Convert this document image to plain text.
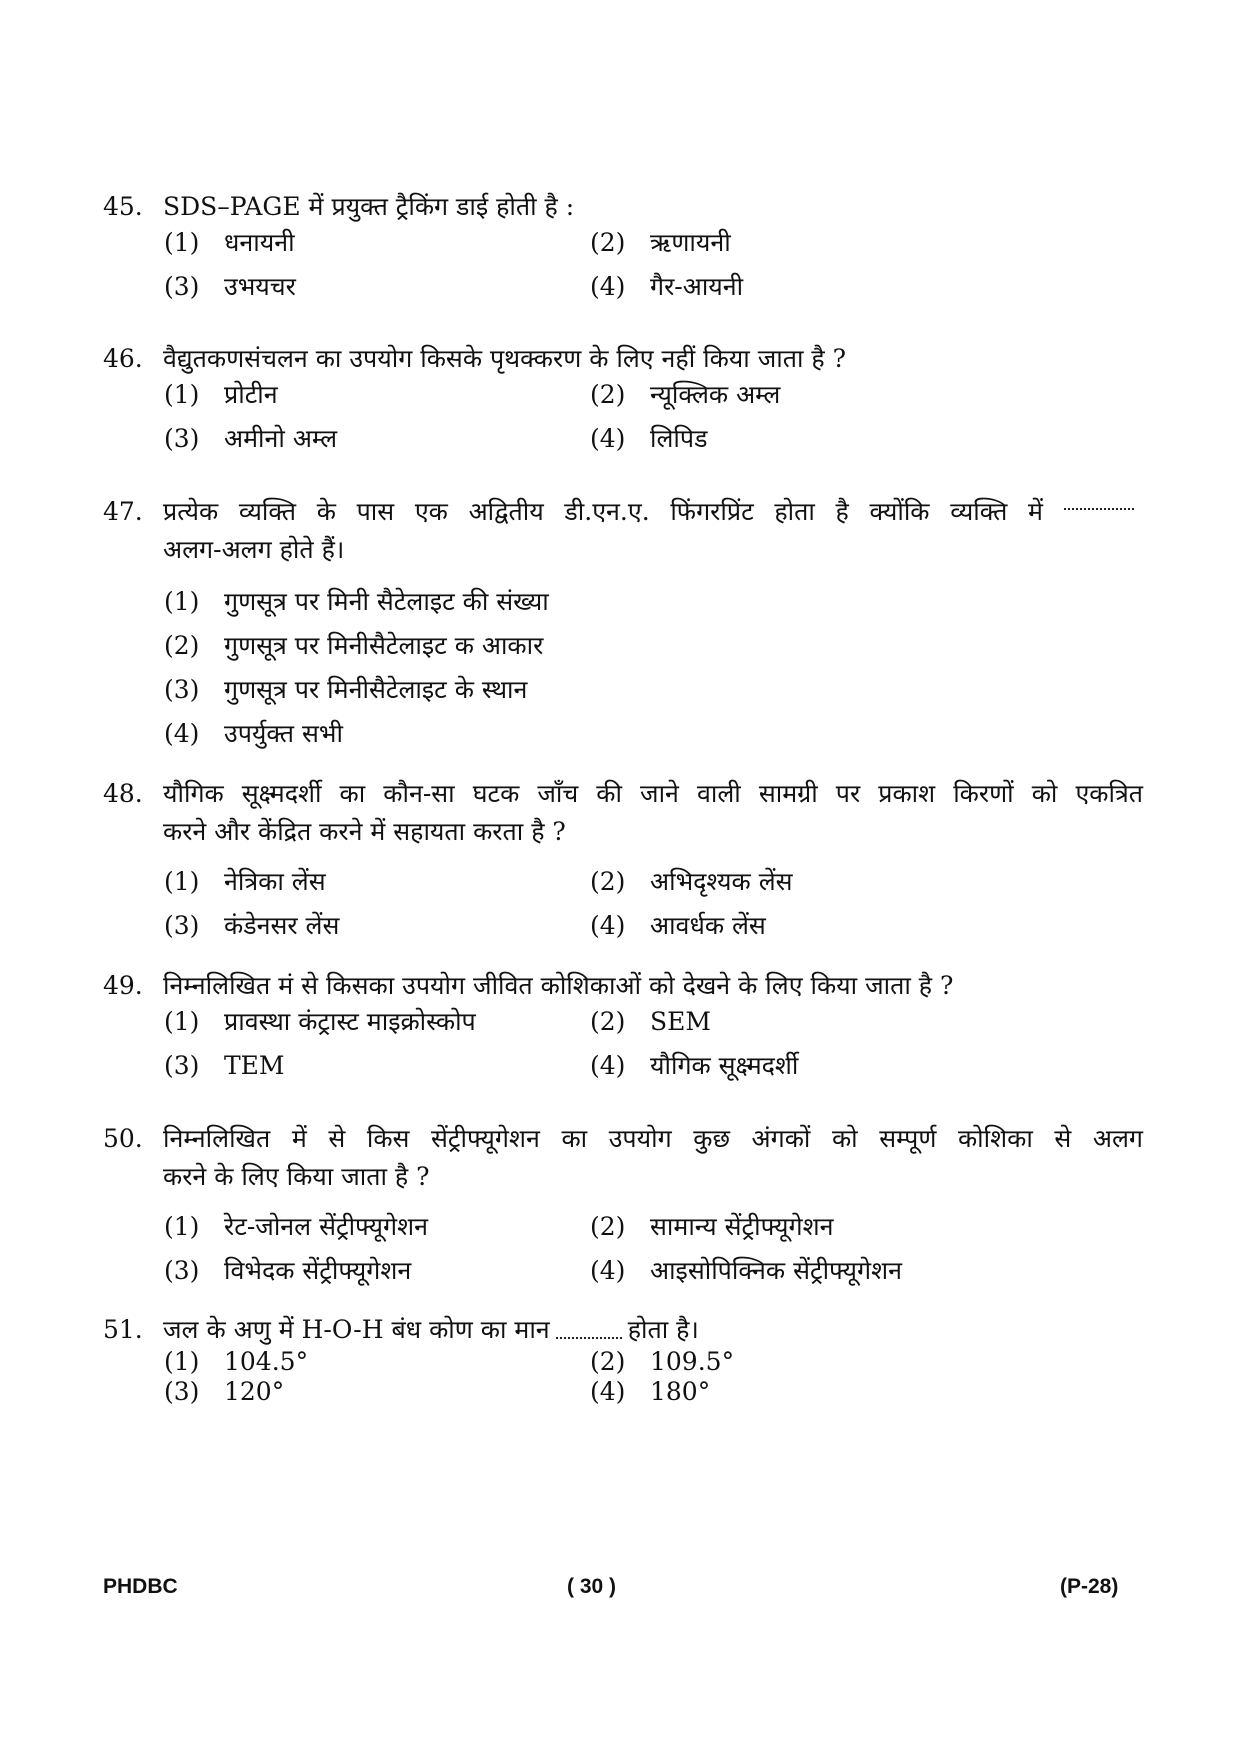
45. SDS–PAGE में प्रयुक्त ट्रैकिंग डाई होती है :
(1) धनायनी	(2) ऋणायनी
(3) उभयचर	(4) गैर-आयनी
46. वैद्युतकणसंचलन का उपयोग किसके पृथक्करण के लिए नहीं किया जाता है ?
(1) प्रोटीन	(2) न्यूक्लिक अम्ल
(3) अमीनो अम्ल	(4) लिपिड
47. प्रत्येक व्यक्ति के पास एक अद्वितीय डी.एन.ए. फिंगरप्रिंट होता है क्योंकि व्यक्ति में
अलग-अलग होते हैं।
(1) गुणसूत्र पर मिनी सैटेलाइट की संख्या
(2) गुणसूत्र पर मिनीसैटेलाइट क आकार
(3) गुणसूत्र पर मिनीसैटेलाइट के स्थान
(4) उपर्युक्त सभी
48. यौगिक सूक्ष्मदर्शी का कौन-सा घटक जाँच की जाने वाली सामग्री पर प्रकाश किरणों को एकत्रित
करने और केंद्रित करने में सहायता करता है ?
(1) नेत्रिका लेंस	(2) अभिदृश्यक लेंस
(3) कंडेनसर लेंस	(4) आवर्धक लेंस
49. निम्नलिखित मं से किसका उपयोग जीवित कोशिकाओं को देखने के लिए किया जाता है ?
(1) प्रावस्था कंट्रास्ट माइक्रोस्कोप	(2) SEM
(3) TEM	(4) यौगिक सूक्ष्मदर्शी
50. निम्नलिखित में से किस सेंट्रीफ्यूगेशन का उपयोग कुछ अंगकों को सम्पूर्ण कोशिका से अलग
करने के लिए किया जाता है ?
(1) रेट-जोनल सेंट्रीफ्यूगेशन	(2) सामान्य सेंट्रीफ्यूगेशन
(3) विभेदक सेंट्रीफ्यूगेशन	(4) आइसोपिक्निक सेंट्रीफ्यूगेशन
51. जल के अणु में H-O-H बंध कोण का मान	होता है।
(1) 104.5°	(2) 109.5°
(3) 120°	(4) 180°
PHDBC	( 30 )	(P-28)
